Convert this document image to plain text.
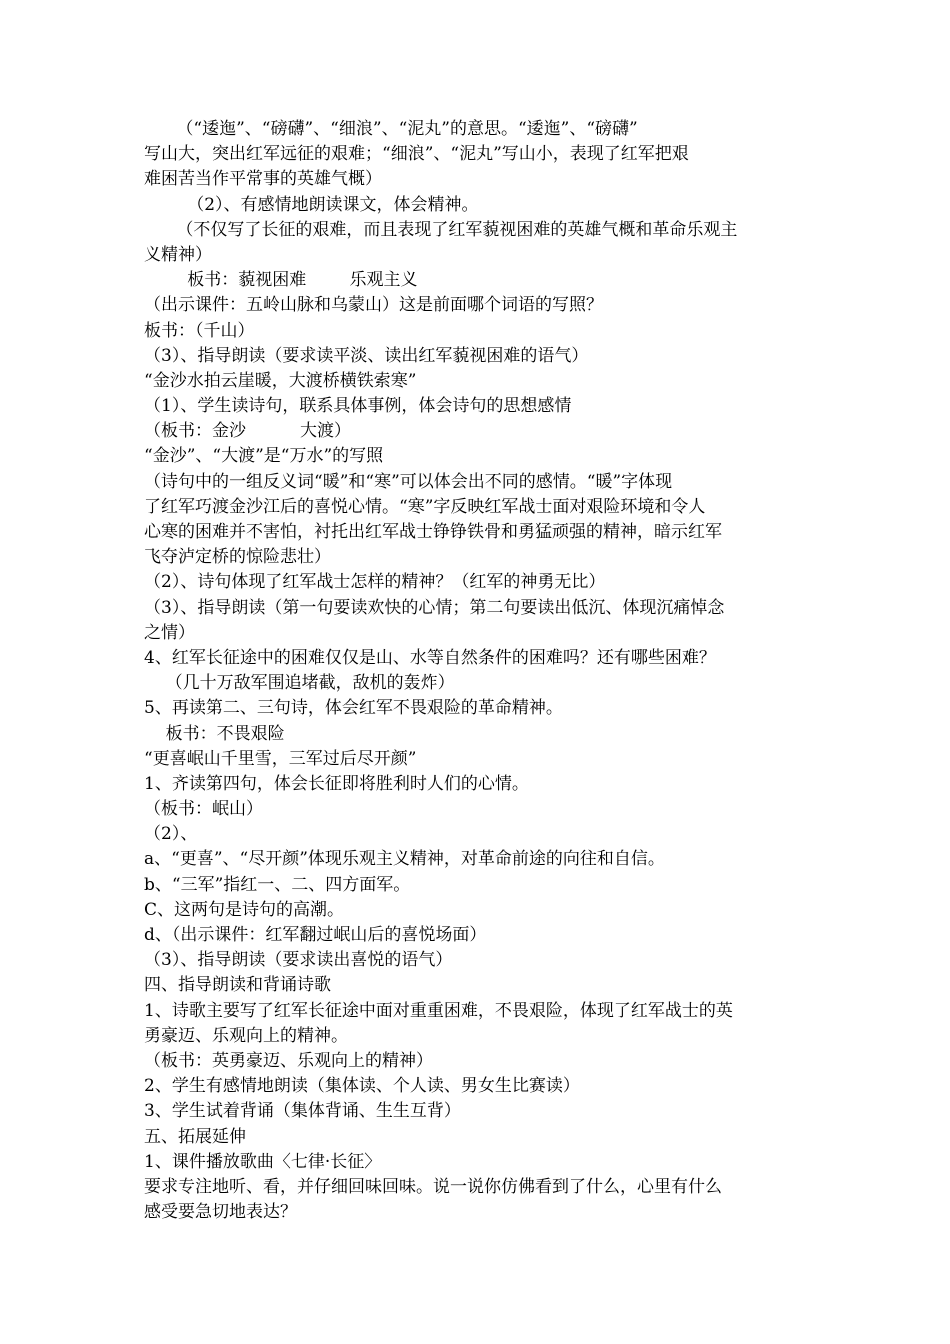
（“逶迤”、“磅礴”、“细浪”、“泥丸”的意思。“逶迤”、“磅礴”

写山大，突出红军远征的艰难；“细浪”、“泥丸”写山小，表现了红军把艰

难困苦当作平常事的英雄气概）

（2）、有感情地朗读课文，体会精神。

（不仅写了长征的艰难，而且表现了红军藐视困难的英雄气概和革命乐观主

义精神）

板书：藐视困难        乐观主义

（出示课件：五岭山脉和乌蒙山）这是前面哪个词语的写照？

板书：（千山）

（3）、指导朗读（要求读平淡、读出红军藐视困难的语气）

“金沙水拍云崖暖，大渡桥横铁索寒”

（1）、学生读诗句，联系具体事例，体会诗句的思想感情

（板书：金沙          大渡）

“金沙”、“大渡”是“万水”的写照

（诗句中的一组反义词“暖”和“寒”可以体会出不同的感情。“暖”字体现

了红军巧渡金沙江后的喜悦心情。“寒”字反映红军战士面对艰险环境和令人

心寒的困难并不害怕，衬托出红军战士铮铮铁骨和勇猛顽强的精神，暗示红军

飞夺泸定桥的惊险悲壮）

（2）、诗句体现了红军战士怎样的精神？（红军的神勇无比）

（3）、指导朗读（第一句要读欢快的心情；第二句要读出低沉、体现沉痛悼念

之情）

4、红军长征途中的困难仅仅是山、水等自然条件的困难吗？还有哪些困难？

（几十万敌军围追堵截，敌机的轰炸）

5、再读第二、三句诗，体会红军不畏艰险的革命精神。

板书：不畏艰险

“更喜岷山千里雪，三军过后尽开颜”

1、齐读第四句，体会长征即将胜利时人们的心情。

（板书：岷山）

（2）、

a、“更喜”、“尽开颜”体现乐观主义精神，对革命前途的向往和自信。

b、“三军”指红一、二、四方面军。

C、这两句是诗句的高潮。

d、（出示课件：红军翻过岷山后的喜悦场面）

（3）、指导朗读（要求读出喜悦的语气）

四、指导朗读和背诵诗歌

1、诗歌主要写了红军长征途中面对重重困难，不畏艰险，体现了红军战士的英

勇豪迈、乐观向上的精神。

（板书：英勇豪迈、乐观向上的精神）

2、学生有感情地朗读（集体读、个人读、男女生比赛读）

3、学生试着背诵（集体背诵、生生互背）

五、拓展延伸

1、课件播放歌曲〈七律·长征〉

要求专注地听、看，并仔细回味回味。说一说你仿佛看到了什么，心里有什么

感受要急切地表达？
